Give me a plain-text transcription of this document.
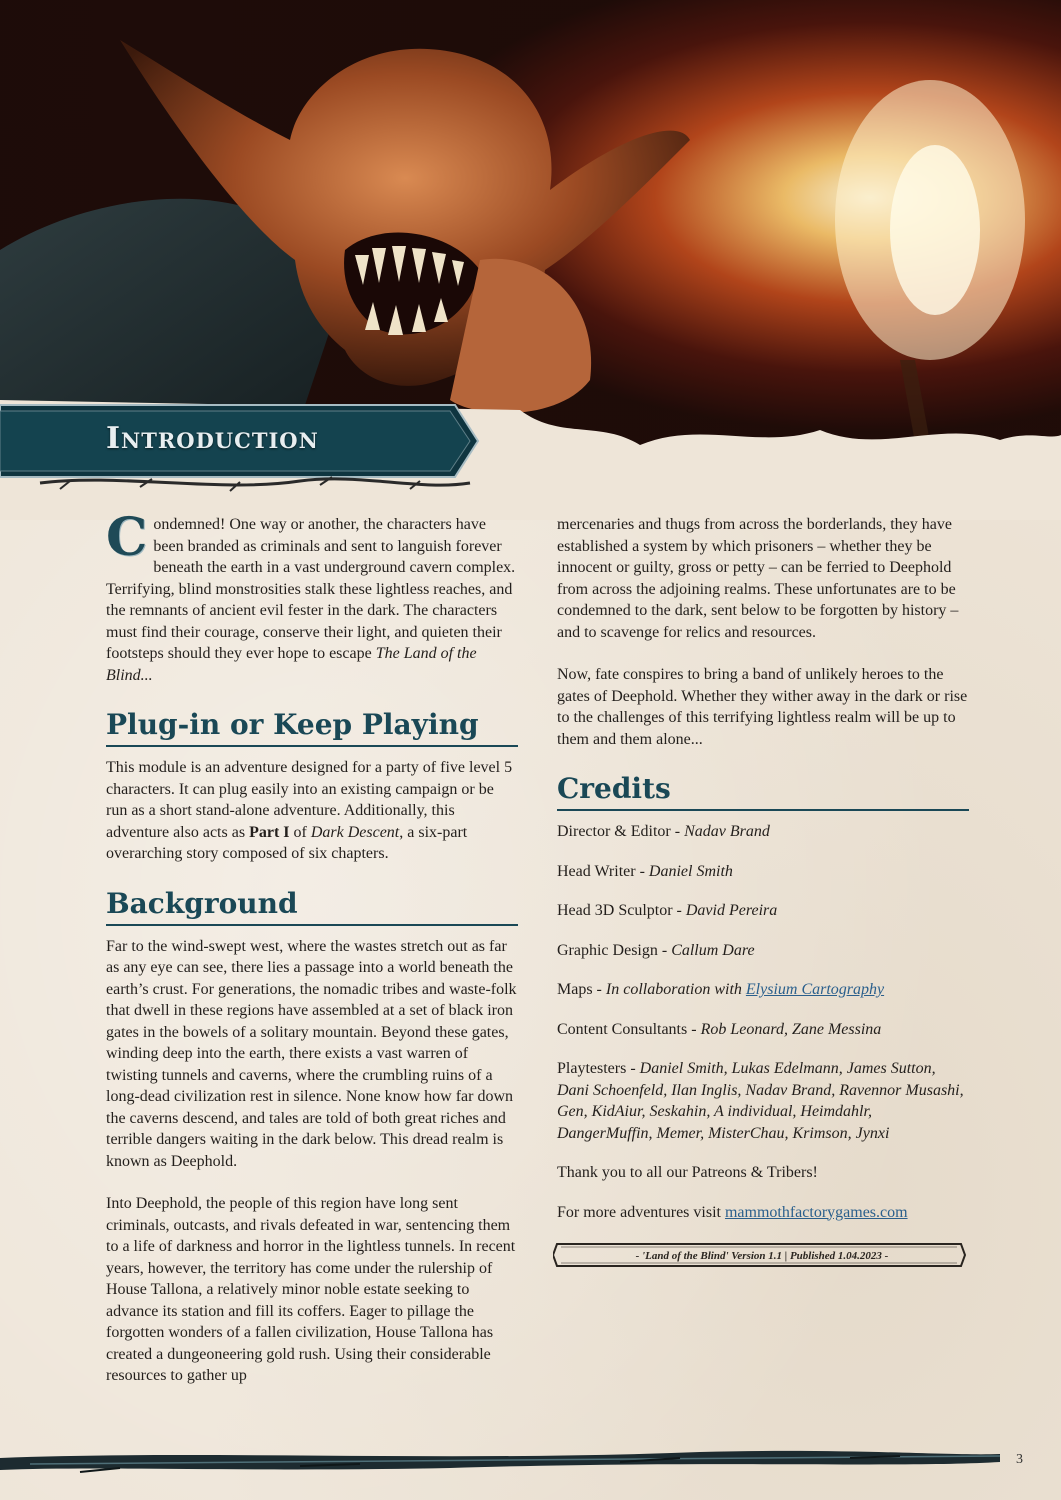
Introduction

Condemned! One way or another, the characters have been branded as criminals and sent to languish forever beneath the earth in a vast underground cavern complex. Terrifying, blind monstrosities stalk these lightless reaches, and the remnants of ancient evil fester in the dark. The characters must find their courage, conserve their light, and quieten their footsteps should they ever hope to escape The Land of the Blind...

Plug-in or Keep Playing

This module is an adventure designed for a party of five level 5 characters. It can plug easily into an existing campaign or be run as a short stand-alone adventure. Additionally, this adventure also acts as Part I of Dark Descent, a six-part overarching story composed of six chapters.

Background

Far to the wind-swept west, where the wastes stretch out as far as any eye can see, there lies a passage into a world beneath the earth’s crust. For generations, the nomadic tribes and waste-folk that dwell in these regions have assembled at a set of black iron gates in the bowels of a solitary mountain. Beyond these gates, winding deep into the earth, there exists a vast warren of twisting tunnels and caverns, where the crumbling ruins of a long-dead civilization rest in silence. None know how far down the caverns descend, and tales are told of both great riches and terrible dangers waiting in the dark below. This dread realm is known as Deephold.

Into Deephold, the people of this region have long sent criminals, outcasts, and rivals defeated in war, sentencing them to a life of darkness and horror in the lightless tunnels. In recent years, however, the territory has come under the rulership of House Tallona, a relatively minor noble estate seeking to advance its station and fill its coffers. Eager to pillage the forgotten wonders of a fallen civilization, House Tallona has created a dungeoneering gold rush. Using their considerable resources to gather up

mercenaries and thugs from across the borderlands, they have established a system by which prisoners – whether they be innocent or guilty, gross or petty – can be ferried to Deephold from across the adjoining realms. These unfortunates are to be condemned to the dark, sent below to be forgotten by history – and to scavenge for relics and resources.

Now, fate conspires to bring a band of unlikely heroes to the gates of Deephold. Whether they wither away in the dark or rise to the challenges of this terrifying lightless realm will be up to them and them alone...

Credits
Director & Editor - Nadav Brand
Head Writer - Daniel Smith
Head 3D Sculptor - David Pereira
Graphic Design - Callum Dare
Maps - In collaboration with Elysium Cartography
Content Consultants - Rob Leonard, Zane Messina
Playtesters - Daniel Smith, Lukas Edelmann, James Sutton, Dani Schoenfeld, Ilan Inglis, Nadav Brand, Ravennor Musashi, Gen, KidAiur, Seskahin, A individual, Heimdahlr, DangerMuffin, Memer, MisterChau, Krimson, Jynxi
Thank you to all our Patreons & Tribers!
For more adventures visit mammothfactorygames.com
- 'Land of the Blind' Version 1.1 | Published 1.04.2023 -
3
